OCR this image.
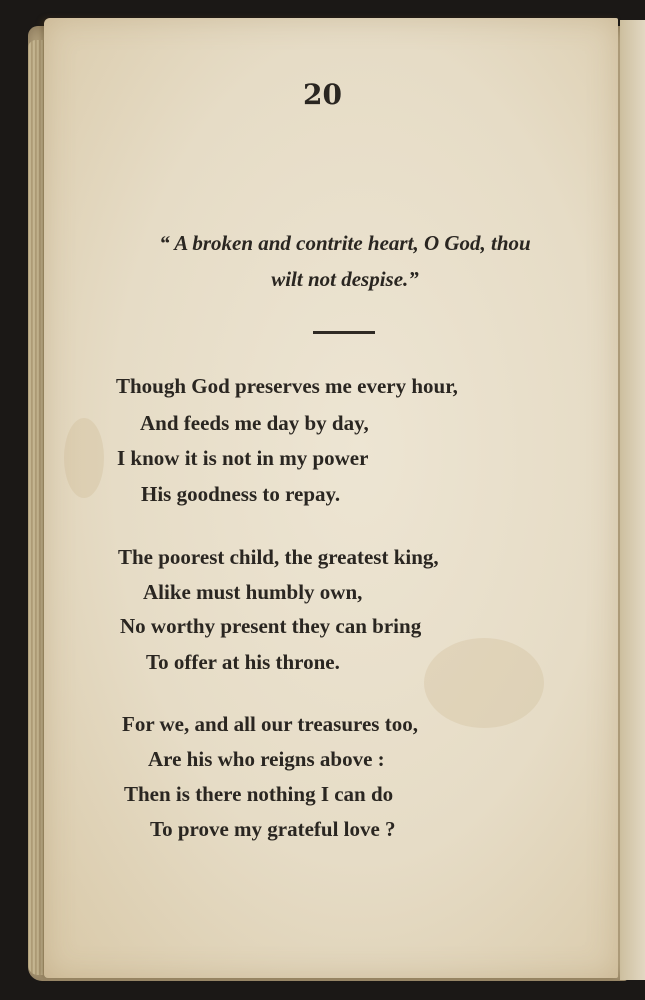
20
“ A broken and contrite heart, O God, thou
wilt not despise.”
Though God preserves me every hour,
And feeds me day by day,
I know it is not in my power
His goodness to repay.
The poorest child, the greatest king,
Alike must humbly own,
No worthy present they can bring
To offer at his throne.
For we, and all our treasures too,
Are his who reigns above :
Then is there nothing I can do
To prove my grateful love ?
